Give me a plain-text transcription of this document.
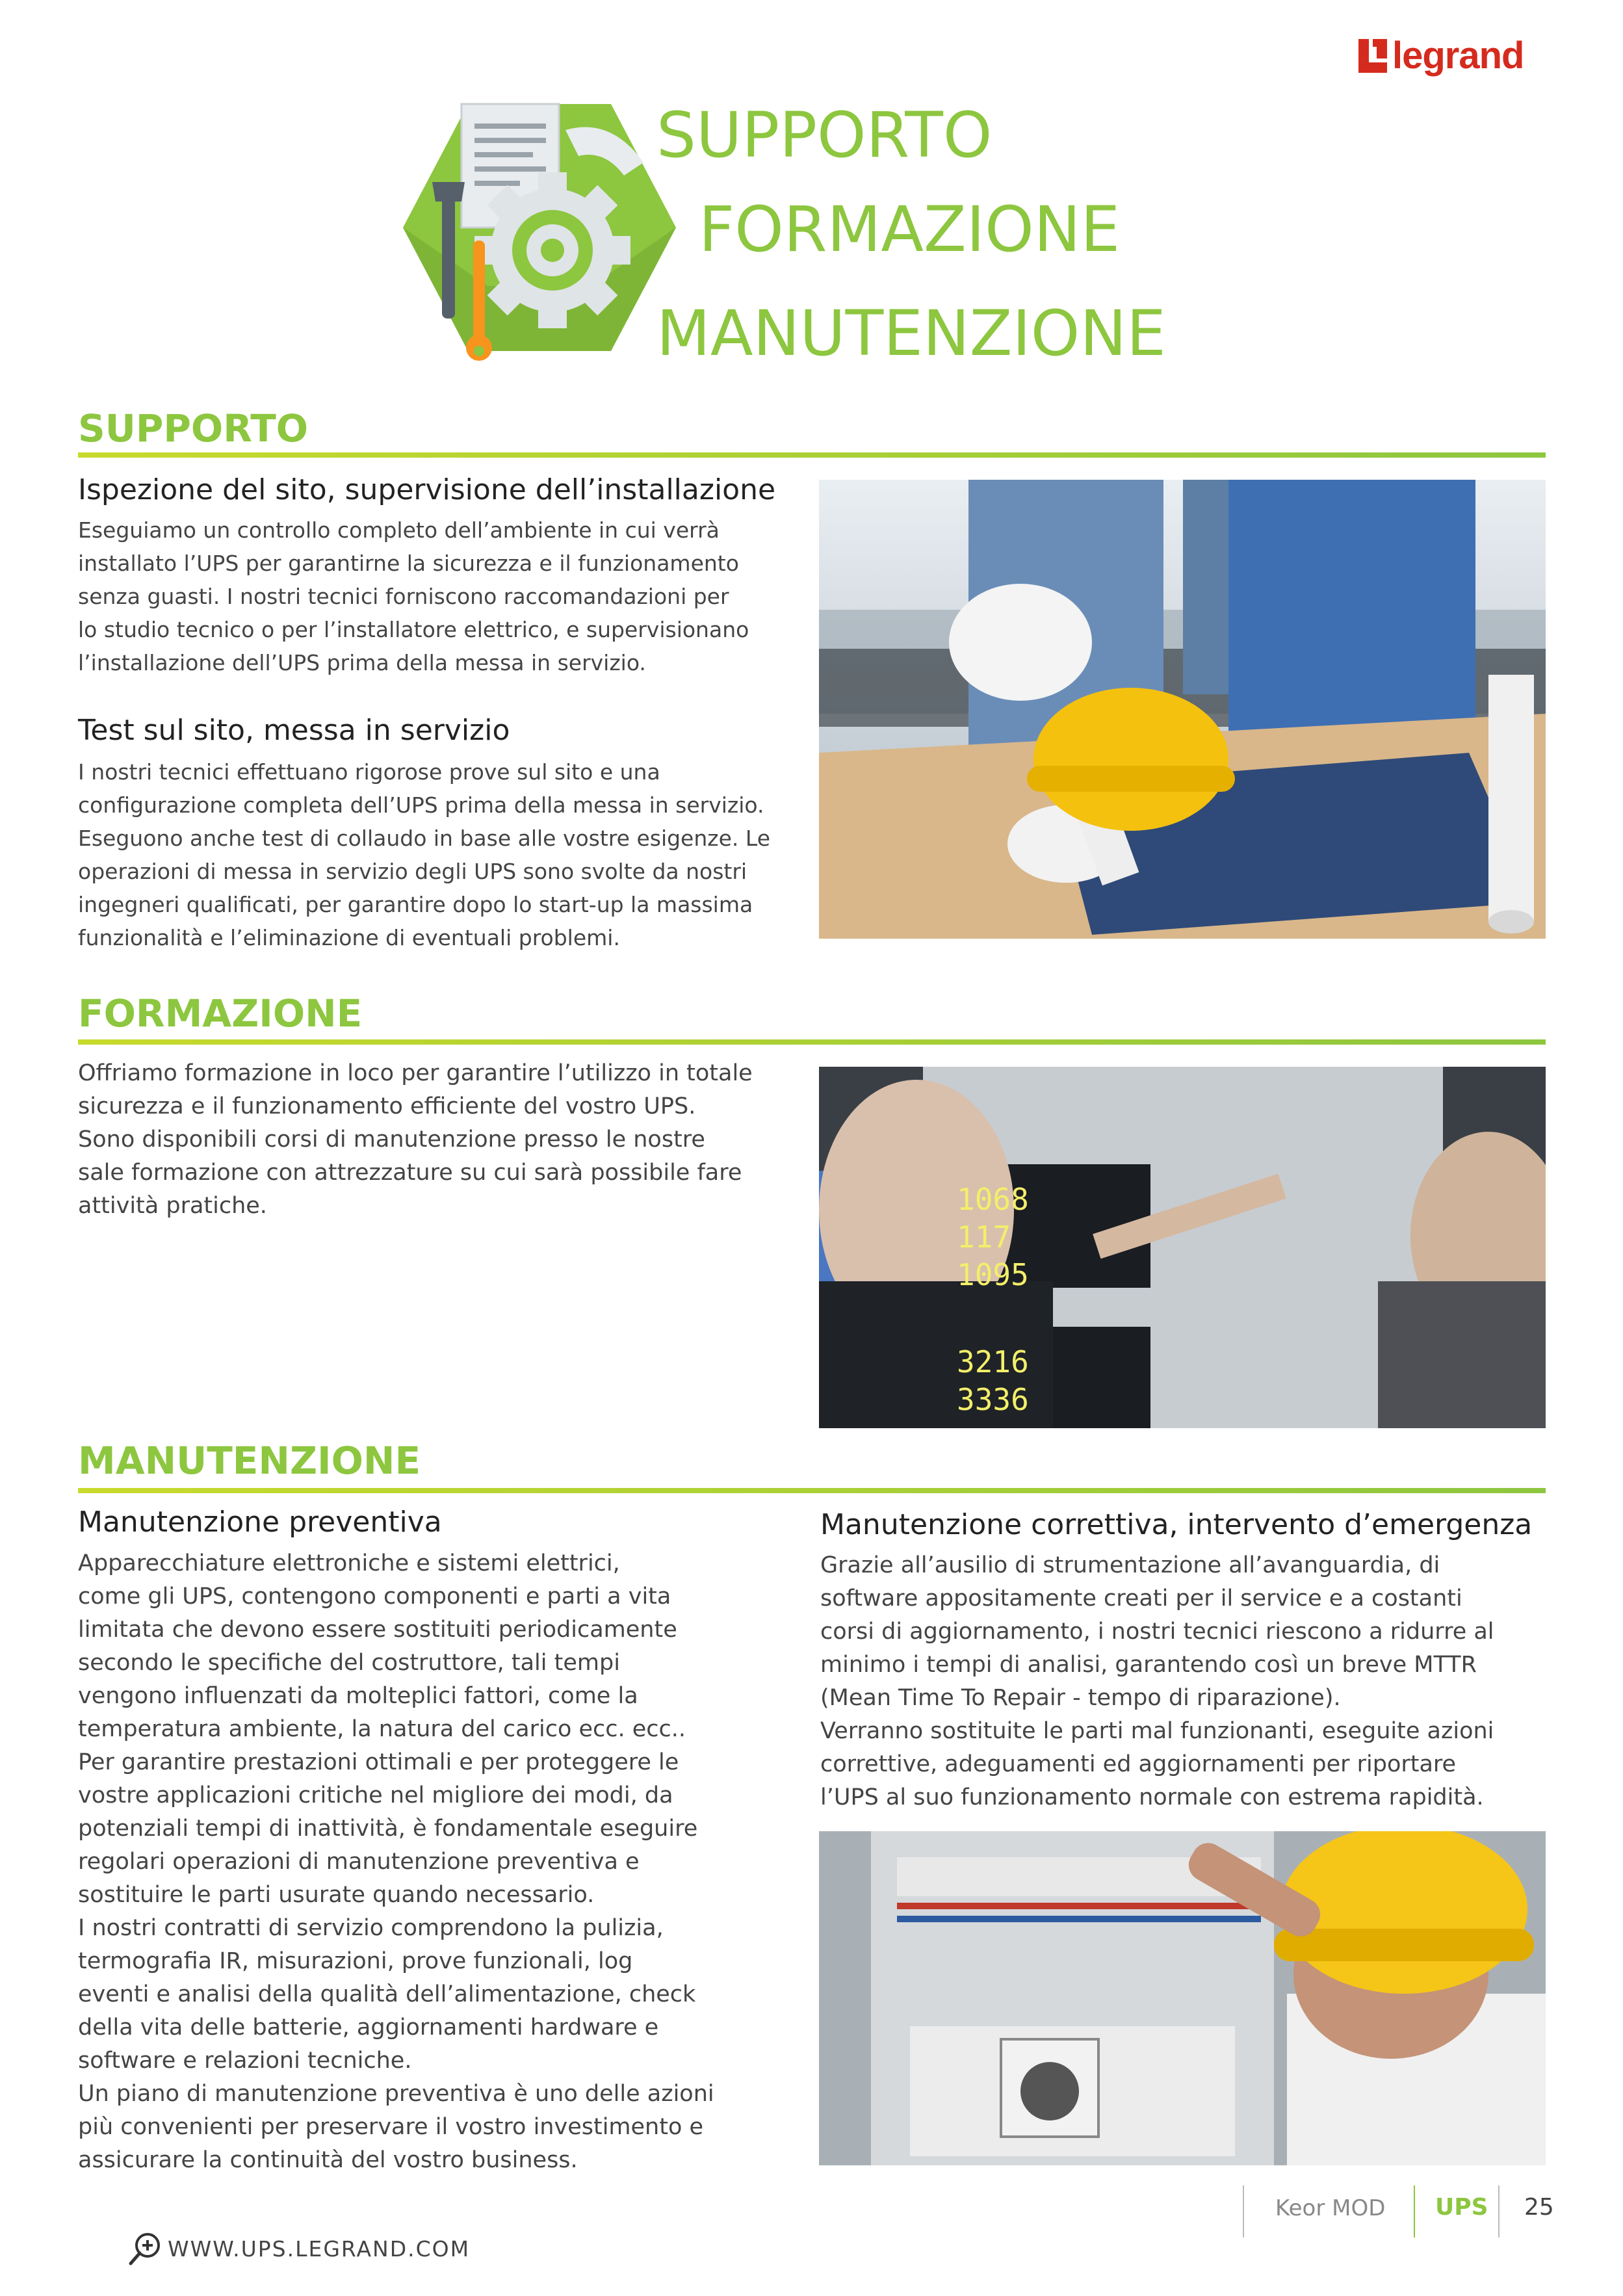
legrand
SUPPORTO
FORMAZIONE
MANUTENZIONE
SUPPORTO
Ispezione del sito, supervisione dell’installazione
Eseguiamo un controllo completo dell’ambiente in cui verrà
installato l’UPS per garantirne la sicurezza e il funzionamento
senza guasti. I nostri tecnici forniscono raccomandazioni per
lo studio tecnico o per l’installatore elettrico, e supervisionano
l’installazione dell’UPS prima della messa in servizio.
Test sul sito, messa in servizio
I nostri tecnici effettuano rigorose prove sul sito e una
configurazione completa dell’UPS prima della messa in servizio.
Eseguono anche test di collaudo in base alle vostre esigenze. Le
operazioni di messa in servizio degli UPS sono svolte da nostri
ingegneri qualificati, per garantire dopo lo start-up la massima
funzionalità e l’eliminazione di eventuali problemi.
FORMAZIONE
Offriamo formazione in loco per garantire l’utilizzo in totale
sicurezza e il funzionamento efficiente del vostro UPS.
Sono disponibili corsi di manutenzione presso le nostre
sale formazione con attrezzature su cui sarà possibile fare
attività pratiche.	1068
117
1095
3216
3336
MANUTENZIONE
Manutenzione preventiva
Apparecchiature elettroniche e sistemi elettrici,
come gli UPS, contengono componenti e parti a vita
limitata che devono essere sostituiti periodicamente
secondo le specifiche del costruttore, tali tempi
vengono influenzati da molteplici fattori, come la
temperatura ambiente, la natura del carico ecc. ecc..
Per garantire prestazioni ottimali e per proteggere le
vostre applicazioni critiche nel migliore dei modi, da
potenziali tempi di inattività, è fondamentale eseguire
regolari operazioni di manutenzione preventiva e
sostituire le parti usurate quando necessario.
I nostri contratti di servizio comprendono la pulizia,
termografia IR, misurazioni, prove funzionali, log
eventi e analisi della qualità dell’alimentazione, check
della vita delle batterie, aggiornamenti hardware e
software e relazioni tecniche.
Un piano di manutenzione preventiva è uno delle azioni
più convenienti per preservare il vostro investimento e
assicurare la continuità del vostro business.
Manutenzione correttiva, intervento d’emergenza
Grazie all’ausilio di strumentazione all’avanguardia, di
software appositamente creati per il service e a costanti
corsi di aggiornamento, i nostri tecnici riescono a ridurre al
minimo i tempi di analisi, garantendo così un breve MTTR
(Mean Time To Repair - tempo di riparazione).
Verranno sostituite le parti mal funzionanti, eseguite azioni
correttive, adeguamenti ed aggiornamenti per riportare
l’UPS al suo funzionamento normale con estrema rapidità.
Keor MOD UPS 25
WWW.UPS.LEGRAND.COM
